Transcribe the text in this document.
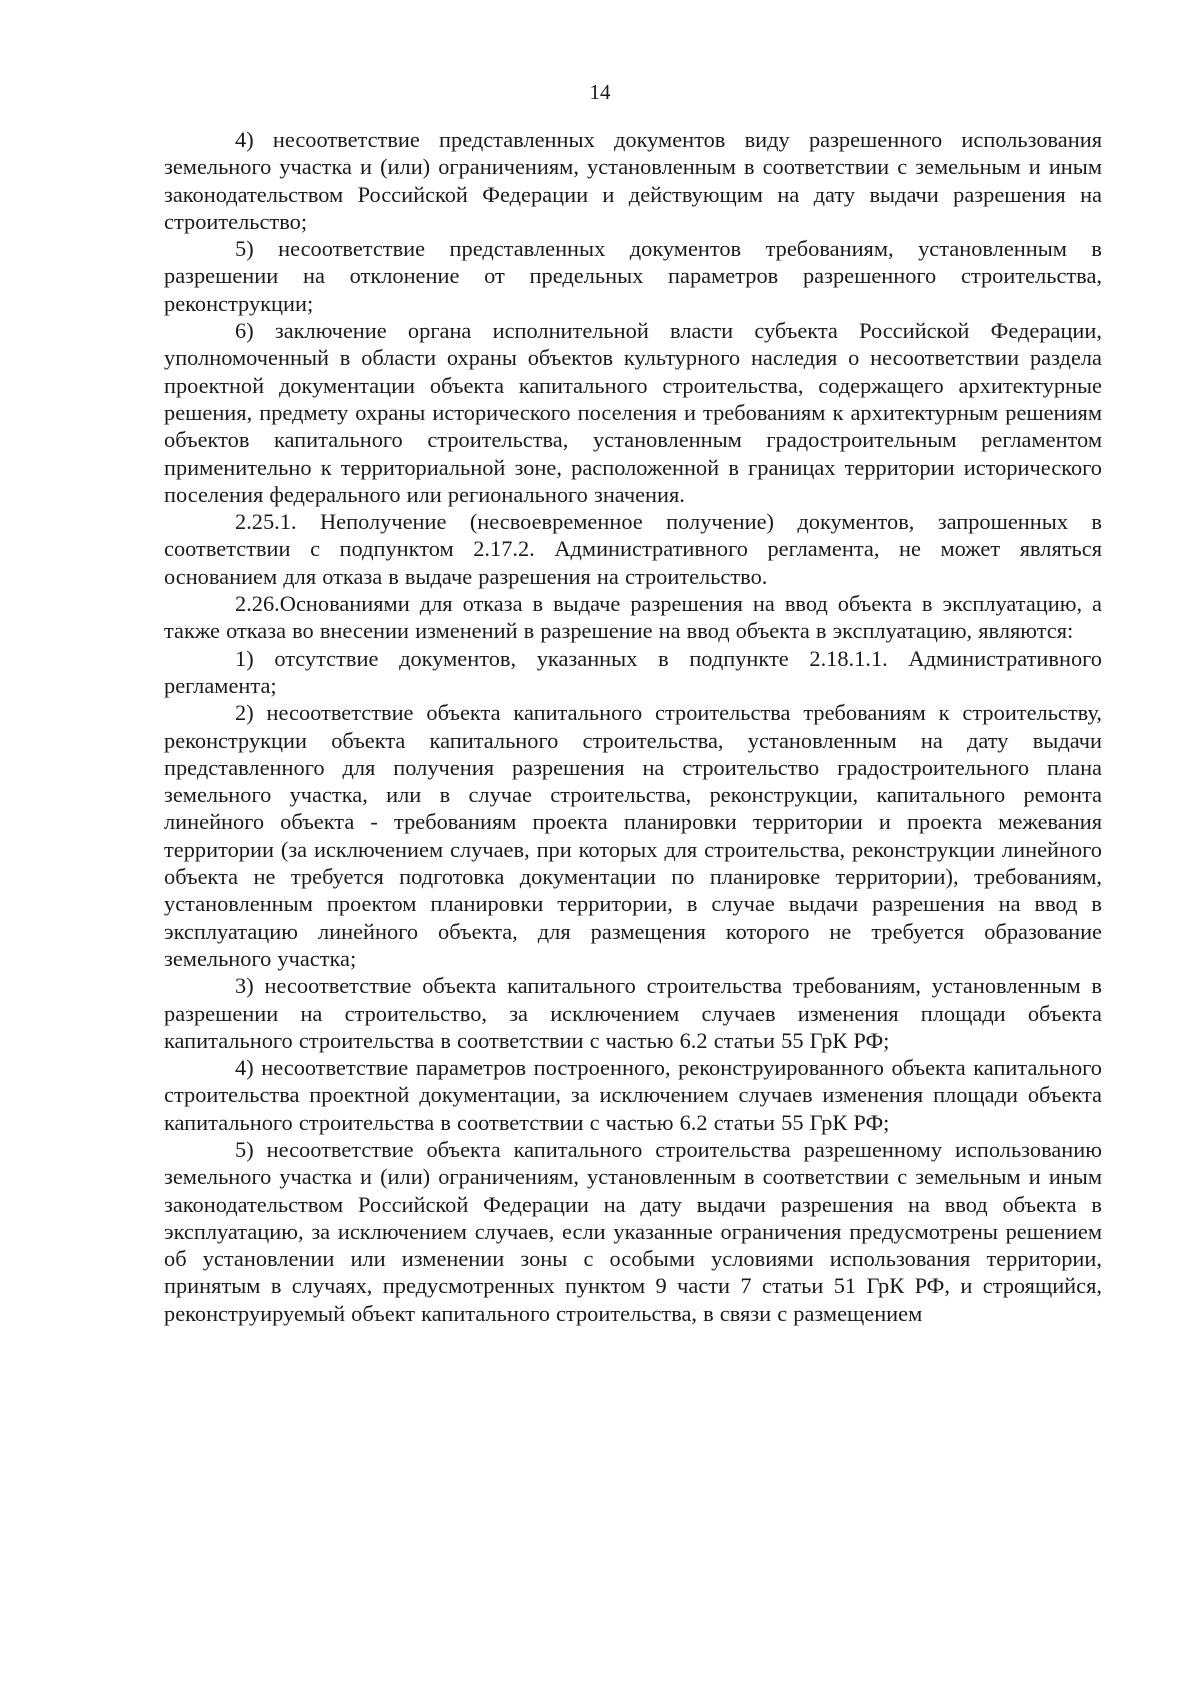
14

4) несоответствие представленных документов виду разрешенного использования земельного участка и (или) ограничениям, установленным в соответствии с земельным и иным законодательством Российской Федерации и действующим на дату выдачи разрешения на строительство;

5) несоответствие представленных документов требованиям, установленным в разрешении на отклонение от предельных параметров разрешенного строительства, реконструкции;

6) заключение органа исполнительной власти субъекта Российской Федерации, уполномоченный в области охраны объектов культурного наследия о несоответствии раздела проектной документации объекта капитального строительства, содержащего архитектурные решения, предмету охраны исторического поселения и требованиям к архитектурным решениям объектов капитального строительства, установленным градостроительным регламентом применительно к территориальной зоне, расположенной в границах территории исторического поселения федерального или регионального значения.

2.25.1. Неполучение (несвоевременное получение) документов, запрошенных в соответствии с подпунктом 2.17.2. Административного регламента, не может являться основанием для отказа в выдаче разрешения на строительство.

2.26.Основаниями для отказа в выдаче разрешения на ввод объекта в эксплуатацию, а также отказа во внесении изменений в разрешение на ввод объекта в эксплуатацию, являются:

1) отсутствие документов, указанных в подпункте 2.18.1.1. Административного регламента;

2) несоответствие объекта капитального строительства требованиям к строительству, реконструкции объекта капитального строительства, установленным на дату выдачи представленного для получения разрешения на строительство градостроительного плана земельного участка, или в случае строительства, реконструкции, капитального ремонта линейного объекта - требованиям проекта планировки территории и проекта межевания территории (за исключением случаев, при которых для строительства, реконструкции линейного объекта не требуется подготовка документации по планировке территории), требованиям, установленным проектом планировки территории, в случае выдачи разрешения на ввод в эксплуатацию линейного объекта, для размещения которого не требуется образование земельного участка;

3) несоответствие объекта капитального строительства требованиям, установленным в разрешении на строительство, за исключением случаев изменения площади объекта капитального строительства в соответствии с частью 6.2 статьи 55 ГрК РФ;

4) несоответствие параметров построенного, реконструированного объекта капитального строительства проектной документации, за исключением случаев изменения площади объекта капитального строительства в соответствии с частью 6.2 статьи 55 ГрК РФ;

5) несоответствие объекта капитального строительства разрешенному использованию земельного участка и (или) ограничениям, установленным в соответствии с земельным и иным законодательством Российской Федерации на дату выдачи разрешения на ввод объекта в эксплуатацию, за исключением случаев, если указанные ограничения предусмотрены решением об установлении или изменении зоны с особыми условиями использования территории, принятым в случаях, предусмотренных пунктом 9 части 7 статьи 51 ГрК РФ, и строящийся, реконструируемый объект капитального строительства, в связи с размещением
